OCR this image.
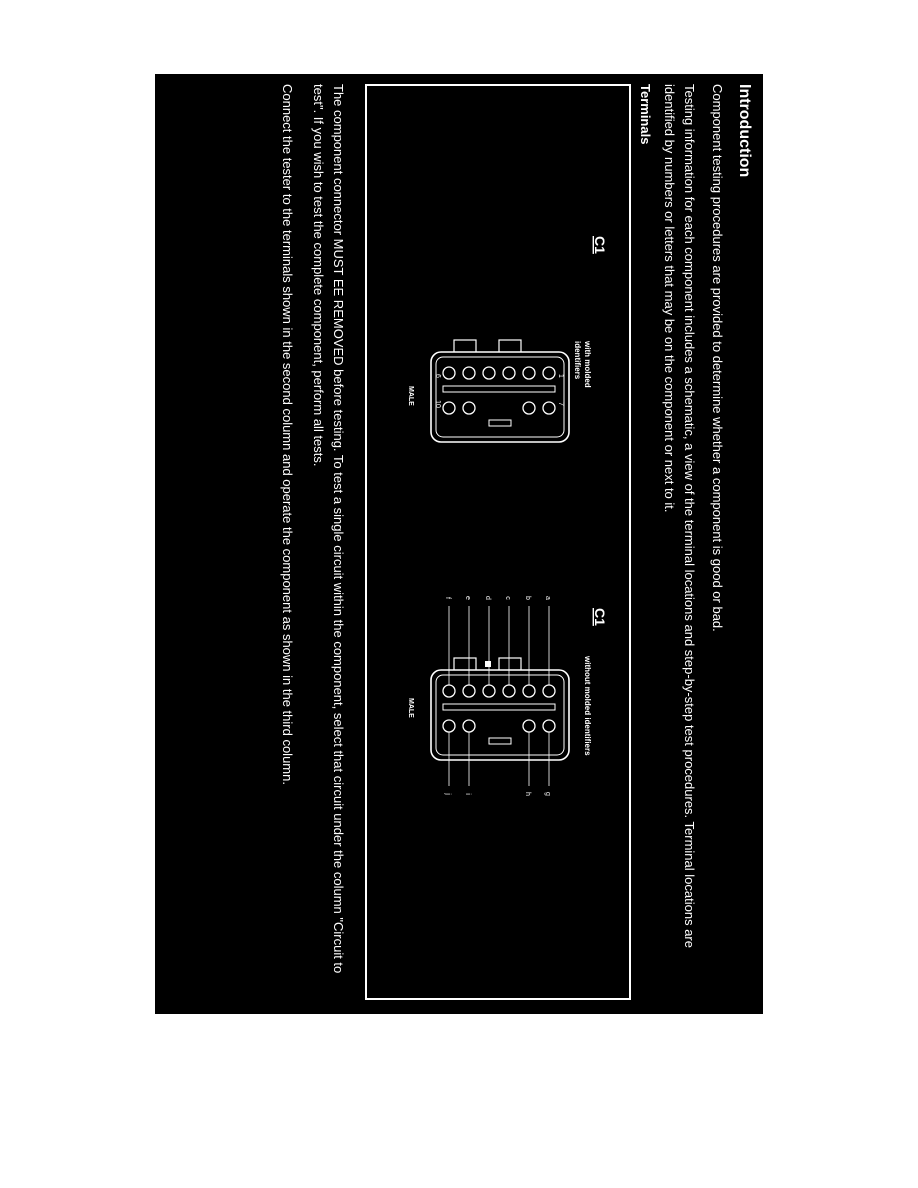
Introduction
Component testing procedures are provided to determine whether a component is good or bad.
Testing information for each component includes a schematic, a view of the terminal locations and step-by-step test procedures. Terminal locations are identified by numbers or letters that may be on the component or next to it.
Terminals
C1
with molded
identifiers
1
6
7
10
MALE
C1
without molded identifiers
a
b
c
d
e
f
g
h
i
j
MALE
The component connector MUST EE REMOVED before testing. To test a single circuit within the component, select that circuit under the column "Circuit to test". If you wish to test the complete component, perform all tests.
Connect the tester to the terminals shown in the second column and operate the component as shown in the third column.
